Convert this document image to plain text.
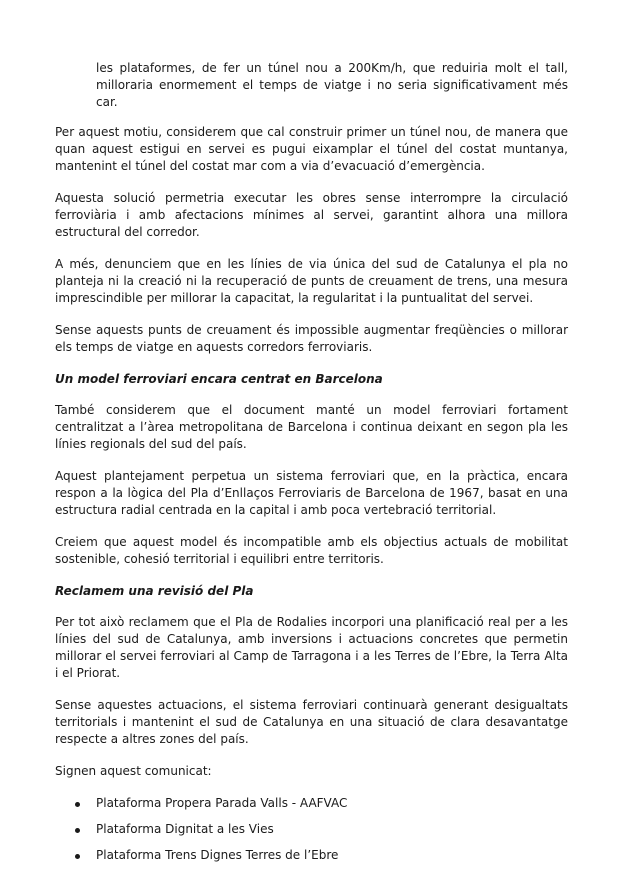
les plataformes, de fer un túnel nou a 200Km/h, que reduiria molt el tall, milloraria enormement el temps de viatge i no seria significativament més car.

Per aquest motiu, considerem que cal construir primer un túnel nou, de manera que quan aquest estigui en servei es pugui eixamplar el túnel del costat muntanya, mantenint el túnel del costat mar com a via d’evacuació d’emergència.

Aquesta solució permetria executar les obres sense interrompre la circulació ferroviària i amb afectacions mínimes al servei, garantint alhora una millora estructural del corredor.

A més, denunciem que en les línies de via única del sud de Catalunya el pla no planteja ni la creació ni la recuperació de punts de creuament de trens, una mesura imprescindible per millorar la capacitat, la regularitat i la puntualitat del servei.

Sense aquests punts de creuament és impossible augmentar freqüències o millorar els temps de viatge en aquests corredors ferroviaris.

Un model ferroviari encara centrat en Barcelona

També considerem que el document manté un model ferroviari fortament centralitzat a l’àrea metropolitana de Barcelona i continua deixant en segon pla les línies regionals del sud del país.

Aquest plantejament perpetua un sistema ferroviari que, en la pràctica, encara respon a la lògica del Pla d’Enllaços Ferroviaris de Barcelona de 1967, basat en una estructura radial centrada en la capital i amb poca vertebració territorial.

Creiem que aquest model és incompatible amb els objectius actuals de mobilitat sostenible, cohesió territorial i equilibri entre territoris.

Reclamem una revisió del Pla

Per tot això reclamem que el Pla de Rodalies incorpori una planificació real per a les línies del sud de Catalunya, amb inversions i actuacions concretes que permetin millorar el servei ferroviari al Camp de Tarragona i a les Terres de l’Ebre, la Terra Alta i el Priorat.

Sense aquestes actuacions, el sistema ferroviari continuarà generant desigualtats territorials i mantenint el sud de Catalunya en una situació de clara desavantatge respecte a altres zones del país.

Signen aquest comunicat:

Plataforma Propera Parada Valls - AAFVAC
Plataforma Dignitat a les Vies
Plataforma Trens Dignes Terres de l’Ebre
